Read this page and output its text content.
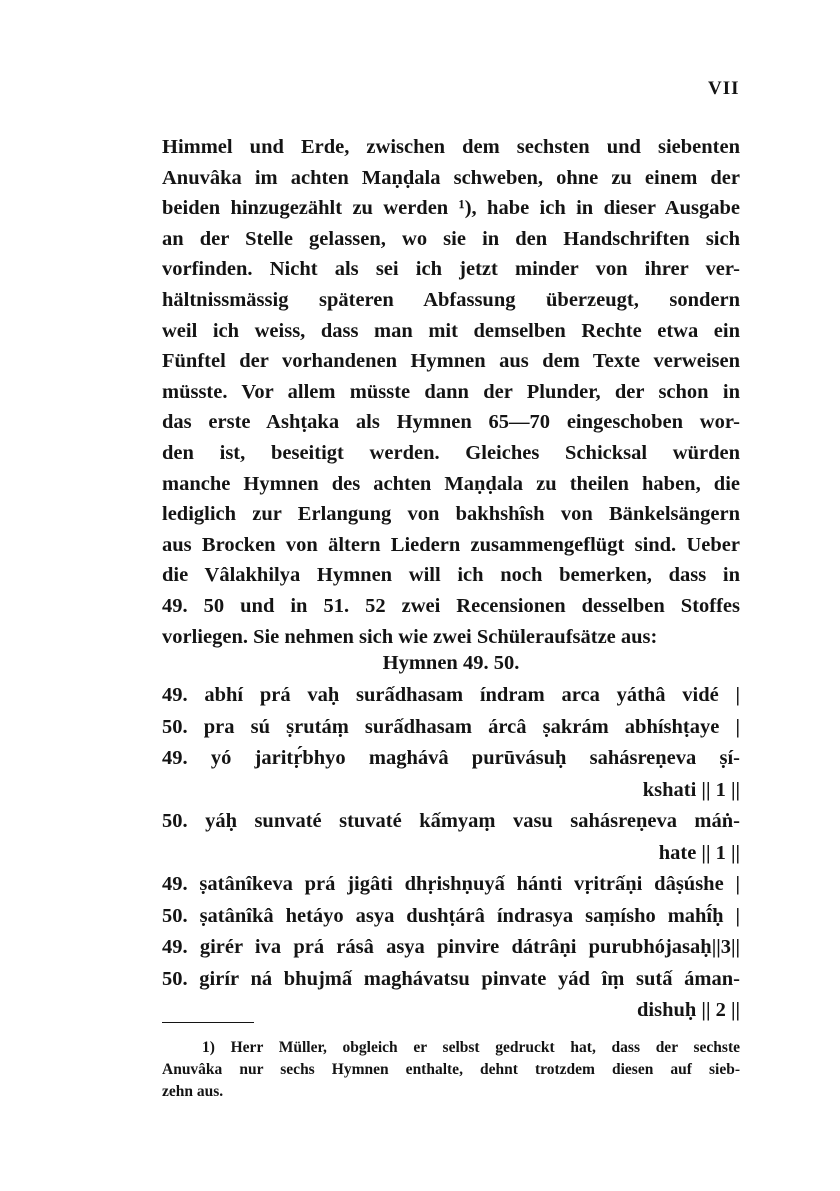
VII
Himmel und Erde, zwischen dem sechsten und siebenten
Anuvâka im achten Maṇḍala schweben, ohne zu einem der
beiden hinzugezählt zu werden ¹), habe ich in dieser Ausgabe
an der Stelle gelassen, wo sie in den Handschriften sich
vorfinden. Nicht als sei ich jetzt minder von ihrer ver-
hältnissmässig späteren Abfassung überzeugt, sondern
weil ich weiss, dass man mit demselben Rechte etwa ein
Fünftel der vorhandenen Hymnen aus dem Texte verweisen
müsste. Vor allem müsste dann der Plunder, der schon in
das erste Ashṭaka als Hymnen 65—70 eingeschoben wor-
den ist, beseitigt werden. Gleiches Schicksal würden
manche Hymnen des achten Maṇḍala zu theilen haben, die
lediglich zur Erlangung von bakhshîsh von Bänkelsängern
aus Brocken von ältern Liedern zusammengeflügt sind. Ueber
die Vâlakhilya Hymnen will ich noch bemerken, dass in
49. 50 und in 51. 52 zwei Recensionen desselben Stoffes
vorliegen. Sie nehmen sich wie zwei Schüleraufsätze aus:
Hymnen 49. 50.
49. abhí prá vaḥ surấdhasam índram arca yáthâ vidé |
50. pra sú ṣrutáṃ surấdhasam árcâ ṣakrám abhíshṭaye |
49. yó jaritṛ́bhyo maghávâ purūvásuḥ sahásreṇeva ṣí-
kshati || 1 ||
50. yáḥ sunvaté stuvaté kấmyaṃ vasu sahásreṇeva máṅ-
hate || 1 ||
49. ṣatânîkeva prá jigâti dhṛishṇuyấ hánti vṛitrấṇi dâṣúshe |
50. ṣatânîkâ hetáyo asya dushṭárâ índrasya saṃísho mahî́ḥ |
49. girér iva prá rásâ asya pinvire dátrâṇi purubhójasaḥ||3||
50. girír ná bhujmấ maghávatsu pinvate yád îṃ sutấ áman-
dishuḥ || 2 ||
1) Herr Müller, obgleich er selbst gedruckt hat, dass der sechste
Anuvâka nur sechs Hymnen enthalte, dehnt trotzdem diesen auf sieb-
zehn aus.
